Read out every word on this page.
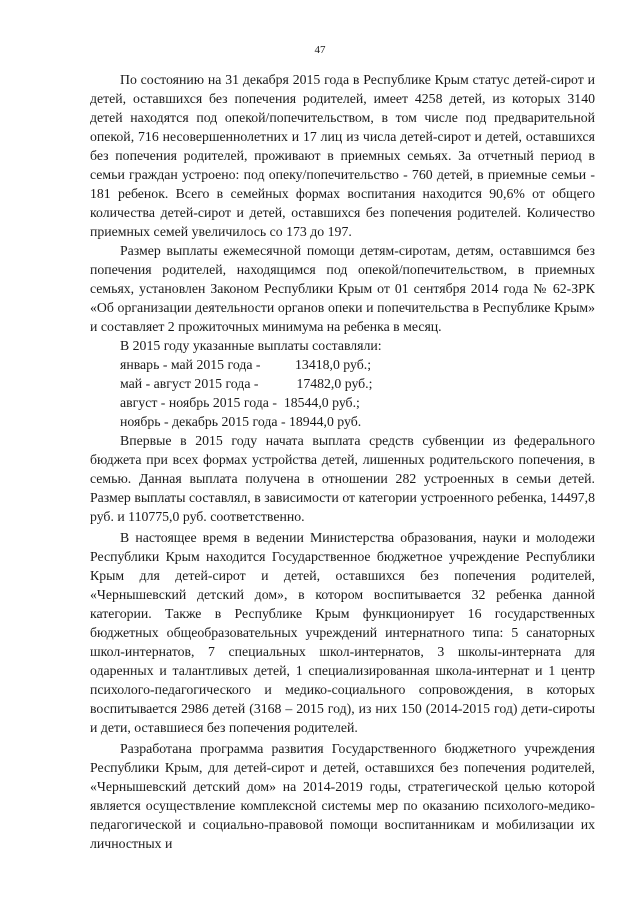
47

По состоянию на 31 декабря 2015 года в Республике Крым статус детей-сирот и детей, оставшихся без попечения родителей, имеет 4258 детей, из которых 3140 детей находятся под опекой/попечительством, в том числе под предварительной опекой, 716 несовершеннолетних и 17 лиц из числа детей-сирот и детей, оставшихся без попечения родителей, проживают в приемных семьях. За отчетный период в семьи граждан устроено: под опеку/попечительство - 760 детей, в приемные семьи - 181 ребенок. Всего в семейных формах воспитания находится 90,6% от общего количества детей-сирот и детей, оставшихся без попечения родителей. Количество приемных семей увеличилось со 173 до 197.

Размер выплаты ежемесячной помощи детям-сиротам, детям, оставшимся без попечения родителей, находящимся под опекой/попечительством, в приемных семьях, установлен Законом Республики Крым от 01 сентября 2014 года № 62-ЗРК «Об организации деятельности органов опеки и попечительства в Республике Крым» и составляет 2 прожиточных минимума на ребенка в месяц.

В 2015 году указанные выплаты составляли:

январь - май 2015 года -	13418,0 руб.;
май - август 2015 года -	17482,0 руб.;
август - ноябрь 2015 года - 18544,0 руб.;
ноябрь - декабрь 2015 года - 18944,0 руб.

Впервые в 2015 году начата выплата средств субвенции из федерального бюджета при всех формах устройства детей, лишенных родительского попечения, в семью. Данная выплата получена в отношении 282 устроенных в семьи детей. Размер выплаты составлял, в зависимости от категории устроенного ребенка, 14497,8 руб. и 110775,0 руб. соответственно.

В настоящее время в ведении Министерства образования, науки и молодежи Республики Крым находится Государственное бюджетное учреждение Республики Крым для детей-сирот и детей, оставшихся без попечения родителей, «Чернышевский детский дом», в котором воспитывается 32 ребенка данной категории. Также в Республике Крым функционирует 16 государственных бюджетных общеобразовательных учреждений интернатного типа: 5 санаторных школ-интернатов, 7 специальных школ-интернатов, 3 школы-интерната для одаренных и талантливых детей, 1 специализированная школа-интернат и 1 центр психолого-педагогического и медико-социального сопровождения, в которых воспитывается 2986 детей (3168 – 2015 год), из них 150 (2014-2015 год) дети-сироты и дети, оставшиеся без попечения родителей.

Разработана программа развития Государственного бюджетного учреждения Республики Крым, для детей-сирот и детей, оставшихся без попечения родителей, «Чернышевский детский дом» на 2014-2019 годы, стратегической целью которой является осуществление комплексной системы мер по оказанию психолого-медико-педагогической и социально-правовой помощи воспитанникам и мобилизации их личностных и
